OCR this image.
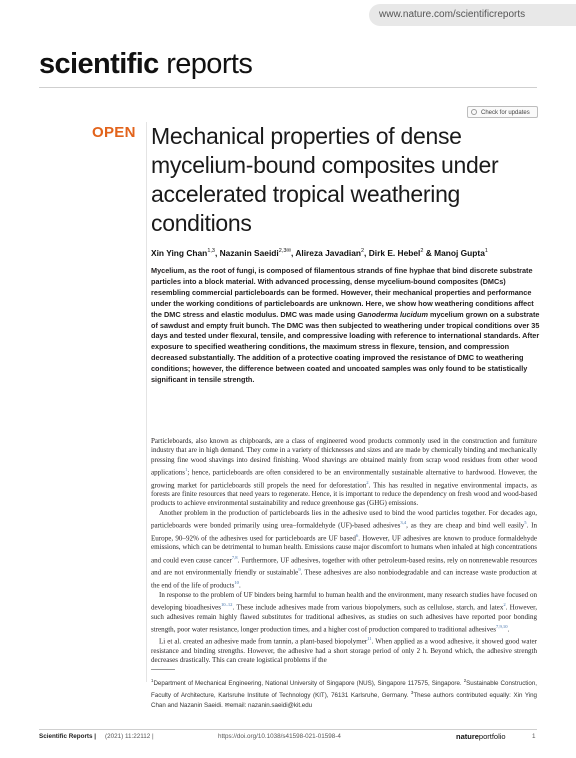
www.nature.com/scientificreports
scientific reports
Check for updates
OPEN Mechanical properties of dense mycelium-bound composites under accelerated tropical weathering conditions

Xin Ying Chan$^{1,3}$, Nazanin Saeidi$^{2,3✉}$, Alireza Javadian$^2$, Dirk E. Hebel$^2$ & Manoj Gupta$^1$

Mycelium, as the root of fungi, is composed of filamentous strands of fine hyphae that bind discrete substrate particles into a block material. With advanced processing, dense mycelium-bound composites (DMCs) resembling commercial particleboards can be formed. However, their mechanical properties and performance under the working conditions of particleboards are unknown. Here, we show how weathering conditions affect the DMC stress and elastic modulus. DMC was made using Ganoderma lucidum mycelium grown on a substrate of sawdust and empty fruit bunch. The DMC was then subjected to weathering under tropical conditions over 35 days and tested under flexural, tensile, and compressive loading with reference to international standards. After exposure to specified weathering conditions, the maximum stress in flexure, tension, and compression decreased substantially. The addition of a protective coating improved the resistance of DMC to weathering conditions; however, the difference between coated and uncoated samples was only found to be statistically significant in tensile strength.

Particleboards, also known as chipboards, are a class of engineered wood products commonly used in the construction and furniture industry that are in high demand. They come in a variety of thicknesses and sizes and are made by chemically binding and mechanically pressing fine wood shavings into desired finishing. Wood shavings are obtained mainly from scrap wood residues from other wood applications$^1$; hence, particleboards are often considered to be an environmentally sustainable alternative to hardwood. However, the growing market for particleboards still propels the need for deforestation$^2$. This has resulted in negative environmental impacts, as forests are finite resources that need years to regenerate. Hence, it is important to reduce the dependency on fresh wood and wood-based products to achieve environmental sustainability and reduce greenhouse gas (GHG) emissions.

Another problem in the production of particleboards lies in the adhesive used to bind the wood particles together. For decades ago, particleboards were bonded primarily using urea–formaldehyde (UF)-based adhesives$^{3,4}$, as they are cheap and bind well easily$^5$. In Europe, 90–92% of the adhesives used for particleboards are UF based$^6$. However, UF adhesives are known to produce formaldehyde emissions, which can be detrimental to human health. Emissions cause major discomfort to humans when inhaled at high concentrations and could even cause cancer$^{7,8}$. Furthermore, UF adhesives, together with other petroleum-based resins, rely on nonrenewable resources and are not environmentally friendly or sustainable$^9$. These adhesives are also nonbiodegradable and can increase waste production at the end of the life of products$^{10}$.

In response to the problem of UF binders being harmful to human health and the environment, many research studies have focused on developing bioadhesives$^{10-12}$. These include adhesives made from various biopolymers, such as cellulose, starch, and latex$^2$. However, such adhesives remain highly flawed substitutes for traditional adhesives, as studies on such adhesives have reported poor bonding strength, poor water resistance, longer production times, and a higher cost of production compared to traditional adhesives$^{7,9,10}$.

Li et al. created an adhesive made from tannin, a plant-based biopolymer$^{11}$. When applied as a wood adhesive, it showed good water resistance and binding strengths. However, the adhesive had a short storage period of only 2 h. Beyond which, the adhesive strength decreases drastically. This can create logistical problems if the

$^1$Department of Mechanical Engineering, National University of Singapore (NUS), Singapore 117575, Singapore. $^2$Sustainable Construction, Faculty of Architecture, Karlsruhe Institute of Technology (KIT), 76131 Karlsruhe, Germany. $^3$These authors contributed equally: Xin Ying Chan and Nazanin Saeidi. ✉email: nazanin.saeidi@kit.edu

Scientific Reports | (2021) 11:22112 |	https://doi.org/10.1038/s41598-021-01598-4	natureportfolio	1
